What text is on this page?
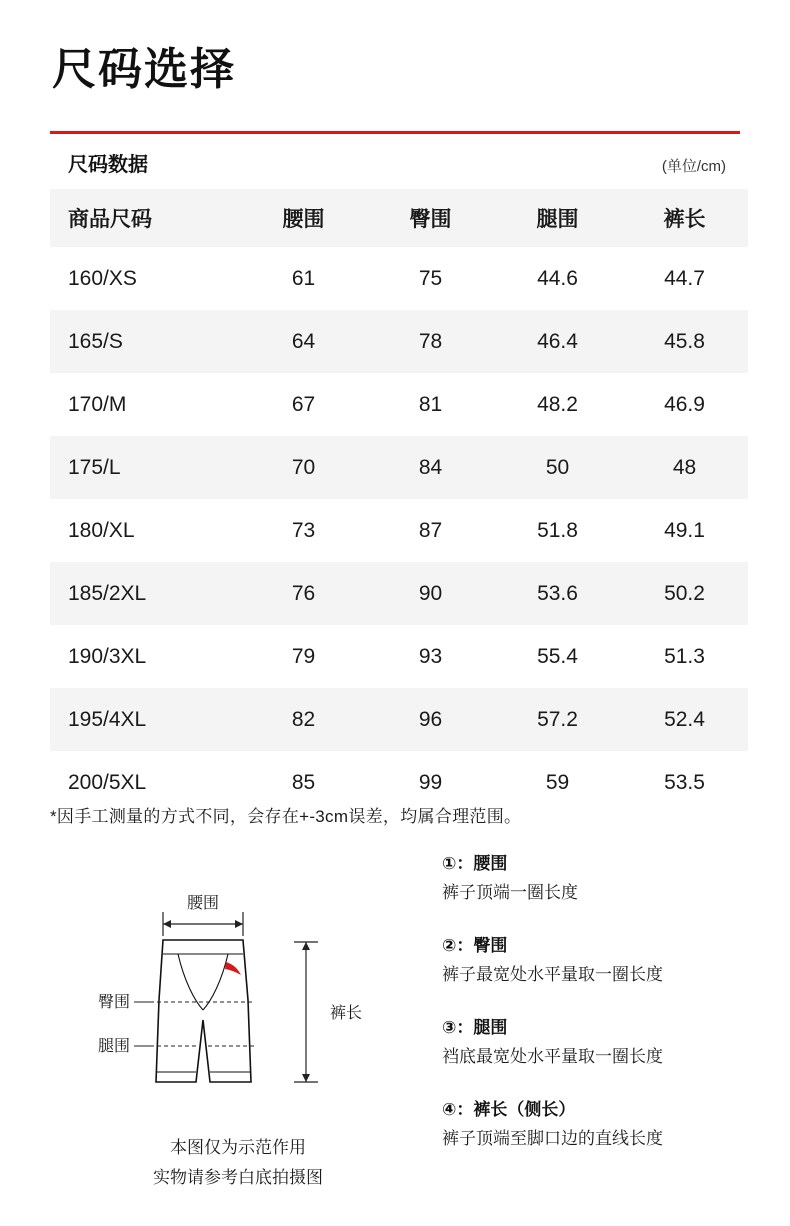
尺码选择
尺码数据	(单位/cm)
商品尺码	腰围	臀围	腿围	裤长
160/XS	61	75	44.6	44.7
165/S	64	78	46.4	45.8
170/M	67	81	48.2	46.9
175/L	70	84	50	48
180/XL	73	87	51.8	49.1
185/2XL	76	90	53.6	50.2
190/3XL	79	93	55.4	51.3
195/4XL	82	96	57.2	52.4
200/5XL	85	99	59	53.5
*因手工测量的方式不同，会存在+-3cm误差，均属合理范围。
腰围
臀围
腿围
裤长
本图仅为示范作用
实物请参考白底拍摄图
①：腰围
裤子顶端一圈长度
②：臀围
裤子最宽处水平量取一圈长度
③：腿围
裆底最宽处水平量取一圈长度
④：裤长（侧长）
裤子顶端至脚口边的直线长度
